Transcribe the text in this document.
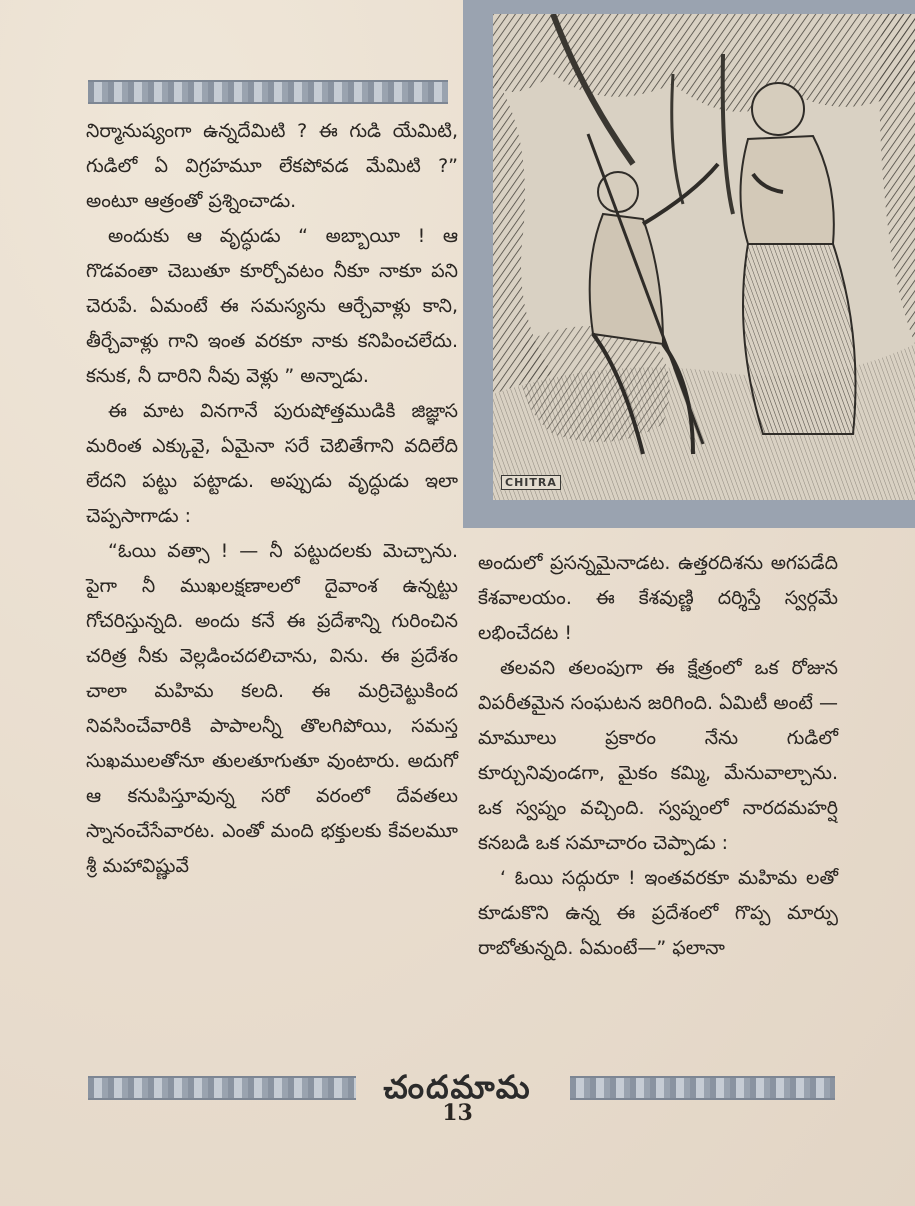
నిర్మానుష్యంగా ఉన్నదేమిటి ? ఈ గుడి యేమిటి, గుడిలో ఏ విగ్రహమూ లేకపోవడ మేమిటి ?” అంటూ ఆత్రంతో ప్రశ్నించాడు.

అందుకు ఆ వృద్ధుడు “ అబ్బాయీ ! ఆ గొడవంతా చెబుతూ కూర్చోవటం నీకూ నాకూ పని చెరుపే. ఏమంటే ఈ సమస్యను ఆర్చేవాళ్లు కాని, తీర్చేవాళ్లు గాని ఇంత వరకూ నాకు కనిపించలేదు. కనుక, నీ దారిని నీవు వెళ్లు ” అన్నాడు.

ఈ మాట వినగానే పురుషోత్తముడికి జిజ్ఞాస మరింత ఎక్కువై, ఏమైనా సరే చెబితేగాని వదిలేది లేదని పట్టు పట్టాడు. అప్పుడు వృద్ధుడు ఇలా చెప్పసాగాడు :

“ఓయి వత్సా ! — నీ పట్టుదలకు మెచ్చాను. పైగా నీ ముఖలక్షణాలలో దైవాంశ ఉన్నట్టు గోచరిస్తున్నది. అందు కనే ఈ ప్రదేశాన్ని గురించిన చరిత్ర నీకు వెల్లడించదలిచాను, విను. ఈ ప్రదేశం చాలా మహిమ కలది. ఈ మర్రిచెట్టుకింద నివసించేవారికి పాపాలన్నీ తొలగిపోయి, సమస్త సుఖములతోనూ తులతూగుతూ వుంటారు. అదుగో ఆ కనుపిస్తూవున్న సరో వరంలో దేవతలు స్నానంచేసేవారట. ఎంతో మంది భక్తులకు కేవలమూ శ్రీ మహావిష్ణువే

CHITRA

అందులో ప్రసన్నమైనాడట. ఉత్తరదిశను అగపడేది కేశవాలయం. ఈ కేశవుణ్ణి దర్శిస్తే స్వర్గమే లభించేదట !

తలవని తలంపుగా ఈ క్షేత్రంలో ఒక రోజున విపరీతమైన సంఘటన జరిగింది. ఏమిటీ అంటే — మామూలు ప్రకారం నేను గుడిలో కూర్చునివుండగా, మైకం కమ్మి, మేనువాల్చాను. ఒక స్వప్నం వచ్చింది. స్వప్నంలో నారదమహర్షి కనబడి ఒక సమాచారం చెప్పాడు :

‘ ఓయి సద్గురూ ! ఇంతవరకూ మహిమ లతో కూడుకొని ఉన్న ఈ ప్రదేశంలో గొప్ప మార్పు రాబోతున్నది. ఏమంటే—” ఫలానా

చందమామ
13
